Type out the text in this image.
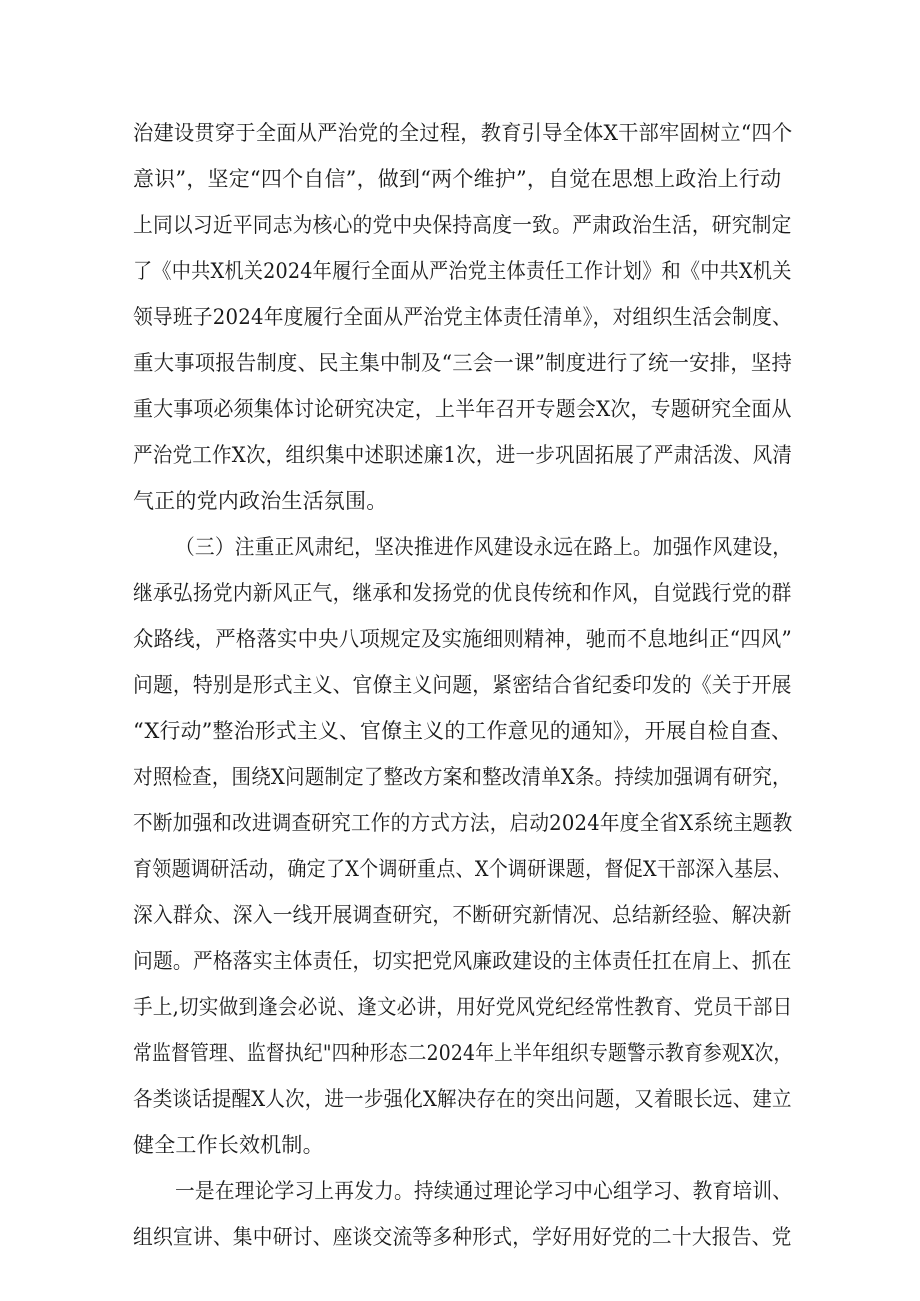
治建设贯穿于全面从严治党的全过程，教育引导全体X干部牢固树立“四个
意识”，坚定“四个自信”，做到“两个维护”，自觉在思想上政治上行动
上同以习近平同志为核心的党中央保持高度一致。严肃政治生活，研究制定
了《中共X机关2024年履行全面从严治党主体责任工作计划》和《中共X机关
领导班子2024年度履行全面从严治党主体责任清单》，对组织生活会制度、
重大事项报告制度、民主集中制及“三会一课”制度进行了统一安排，坚持
重大事项必须集体讨论研究决定，上半年召开专题会X次，专题研究全面从
严治党工作X次，组织集中述职述廉1次，进一步巩固拓展了严肃活泼、风清
气正的党内政治生活氛围。
（三）注重正风肃纪，坚决推进作风建设永远在路上。加强作风建设，
继承弘扬党内新风正气，继承和发扬党的优良传统和作风，自觉践行党的群
众路线，严格落实中央八项规定及实施细则精神，驰而不息地纠正“四风”
问题，特别是形式主义、官僚主义问题，紧密结合省纪委印发的《关于开展
“X行动”整治形式主义、官僚主义的工作意见的通知》，开展自检自查、
对照检查，围绕X问题制定了整改方案和整改清单X条。持续加强调有研究，
不断加强和改进调查研究工作的方式方法，启动2024年度全省X系统主题教
育领题调研活动，确定了X个调研重点、X个调研课题，督促X干部深入基层、
深入群众、深入一线开展调查研究，不断研究新情况、总结新经验、解决新
问题。严格落实主体责任，切实把党风廉政建设的主体责任扛在肩上、抓在
手上,切实做到逢会必说、逢文必讲，用好党风党纪经常性教育、党员干部日
常监督管理、监督执纪"四种形态二2024年上半年组织专题警示教育参观X次，
各类谈话提醒X人次，进一步强化X解决存在的突出问题，又着眼长远、建立
健全工作长效机制。
一是在理论学习上再发力。持续通过理论学习中心组学习、教育培训、
组织宣讲、集中研讨、座谈交流等多种形式，学好用好党的二十大报告、党
